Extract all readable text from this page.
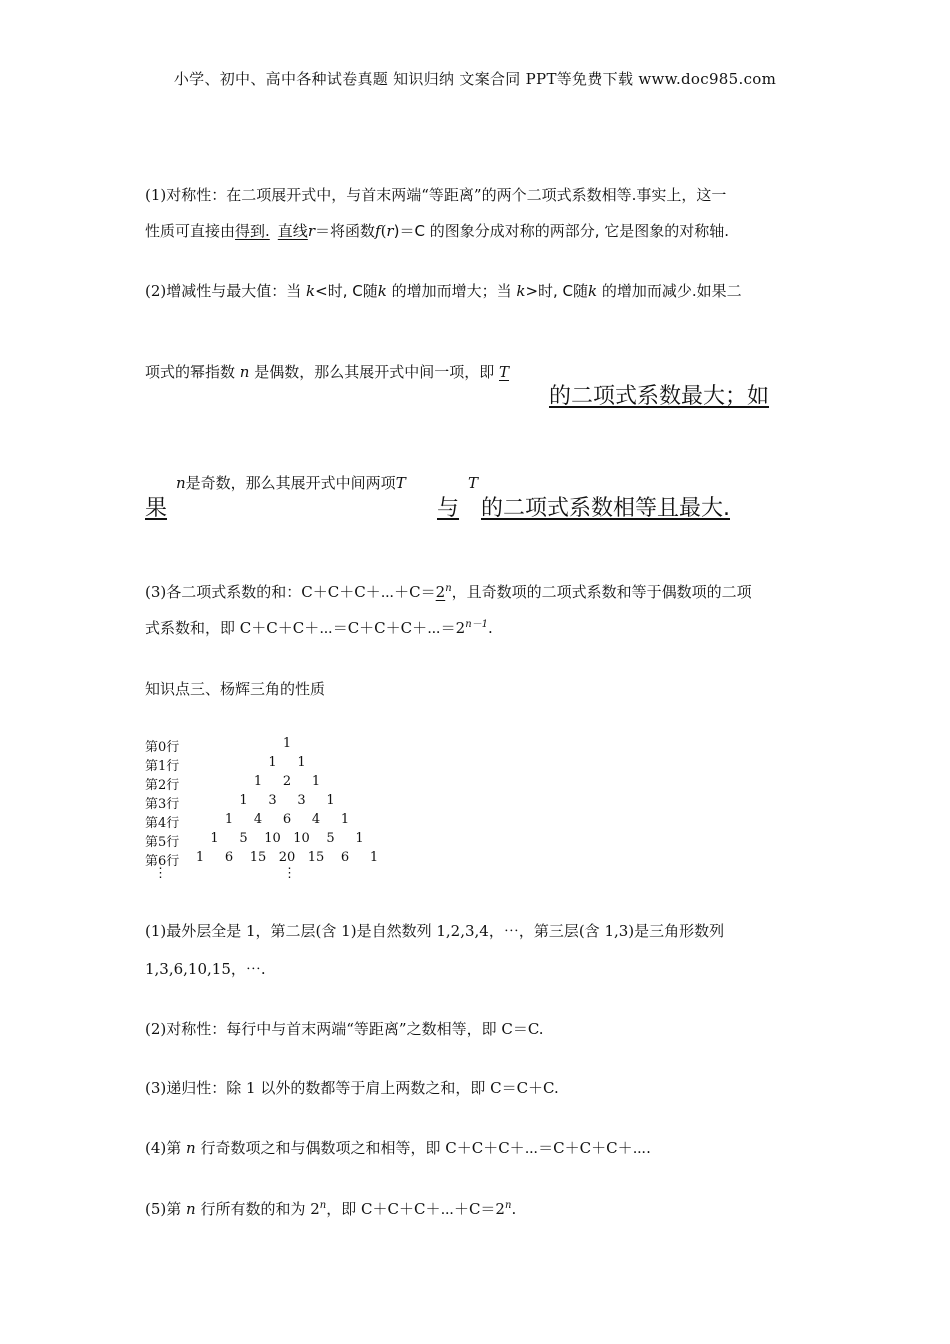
小学、初中、高中各种试卷真题 知识归纳 文案合同 PPT等免费下载 www.doc985.com
(1)对称性：在二项展开式中，与首末两端“等距离”的两个二项式系数相等.事实上，这一
性质可直接由得到. 直线r＝将函数f(r)＝C 的图象分成对称的两部分, 它是图象的对称轴.
(2)增减性与最大值：当 k<时, C随k 的增加而增大；当 k>时, C随k 的增加而减少.如果二
项式的幂指数 n 是偶数，那么其展开式中间一项，即 T
的二项式系数最大；如
果
n是奇数，那么其展开式中间两项T
与
T
的二项式系数相等且最大.
(3)各二项式系数的和：$C+C+C+\cdots+C=2^n$，且奇数项的二项式系数和等于偶数项的二项
式系数和，即 $C+C+C+\cdots=C+C+C+\cdots=2^{n-1}$.
知识点三、杨辉三角的性质
第0行	1
第1行	1	1
第2行	1	2	1
第3行	1	3	3	1
第4行	1	4	6	4	1
第5行	1	5	10 10	5	1
第6行	1	6	15 20 15	6	1
⋮	⋮
(1)最外层全是 1，第二层(含 1)是自然数列 1,2,3,4，⋯，第三层(含 1,3)是三角形数列
1,3,6,10,15，⋯.
(2)对称性：每行中与首末两端“等距离”之数相等，即 C＝C.
(3)递归性：除 1 以外的数都等于肩上两数之和，即 C＝C＋C.
(4)第 n 行奇数项之和与偶数项之和相等，即 C＋C＋C＋⋯＝C＋C＋C＋⋯.
(5)第 n 行所有数的和为 2$^n$，即 $C+C+C+\cdots+C=2^n$.
